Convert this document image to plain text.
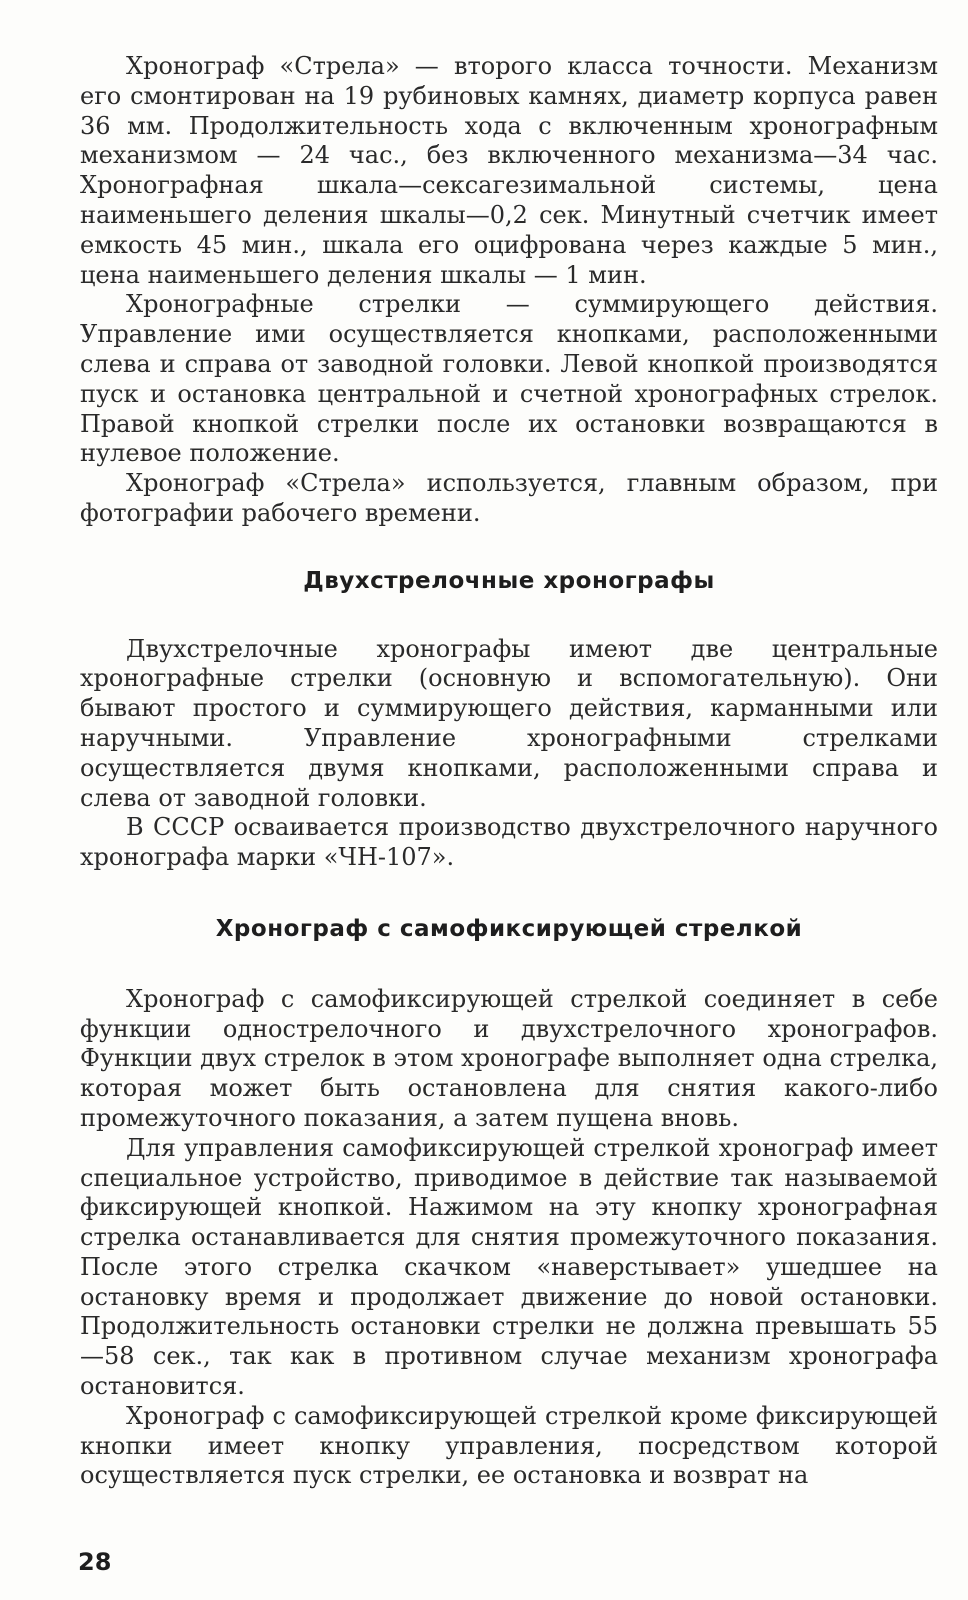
Хронограф «Стрела» — второго класса точности. Механизм его смонтирован на 19 рубиновых камнях, диаметр корпуса равен 36 мм. Продолжительность хода с включенным хронографным механизмом — 24 час., без включенного механизма—34 час. Хронографная шкала—сексагезимальной системы, цена наименьшего деления шкалы—0,2 сек. Минутный счетчик имеет емкость 45 мин., шкала его оцифрована через каждые 5 мин., цена наименьшего деления шкалы — 1 мин.

Хронографные стрелки — суммирующего действия. Управление ими осуществляется кнопками, расположенными слева и справа от заводной головки. Левой кнопкой производятся пуск и остановка центральной и счетной хронографных стрелок. Правой кнопкой стрелки после их остановки возвращаются в нулевое положение.

Хронограф «Стрела» используется, главным образом, при фотографии рабочего времени.

Двухстрелочные хронографы

Двухстрелочные хронографы имеют две центральные хронографные стрелки (основную и вспомогательную). Они бывают простого и суммирующего действия, карманными или наручными. Управление хронографными стрелками осуществляется двумя кнопками, расположенными справа и слева от заводной головки.

В СССР осваивается производство двухстрелочного наручного хронографа марки «ЧН-107».

Хронограф с самофиксирующей стрелкой

Хронограф с самофиксирующей стрелкой соединяет в себе функции однострелочного и двухстрелочного хронографов. Функции двух стрелок в этом хронографе выполняет одна стрелка, которая может быть остановлена для снятия какого-либо промежуточного показания, а затем пущена вновь.

Для управления самофиксирующей стрелкой хронограф имеет специальное устройство, приводимое в действие так называемой фиксирующей кнопкой. Нажимом на эту кнопку хронографная стрелка останавливается для снятия промежуточного показания. После этого стрелка скачком «наверстывает» ушедшее на остановку время и продолжает движение до новой остановки. Продолжительность остановки стрелки не должна превышать 55—58 сек., так как в противном случае механизм хронографа остановится.

Хронограф с самофиксирующей стрелкой кроме фиксирующей кнопки имеет кнопку управления, посредством которой осуществляется пуск стрелки, ее остановка и возврат на

28
